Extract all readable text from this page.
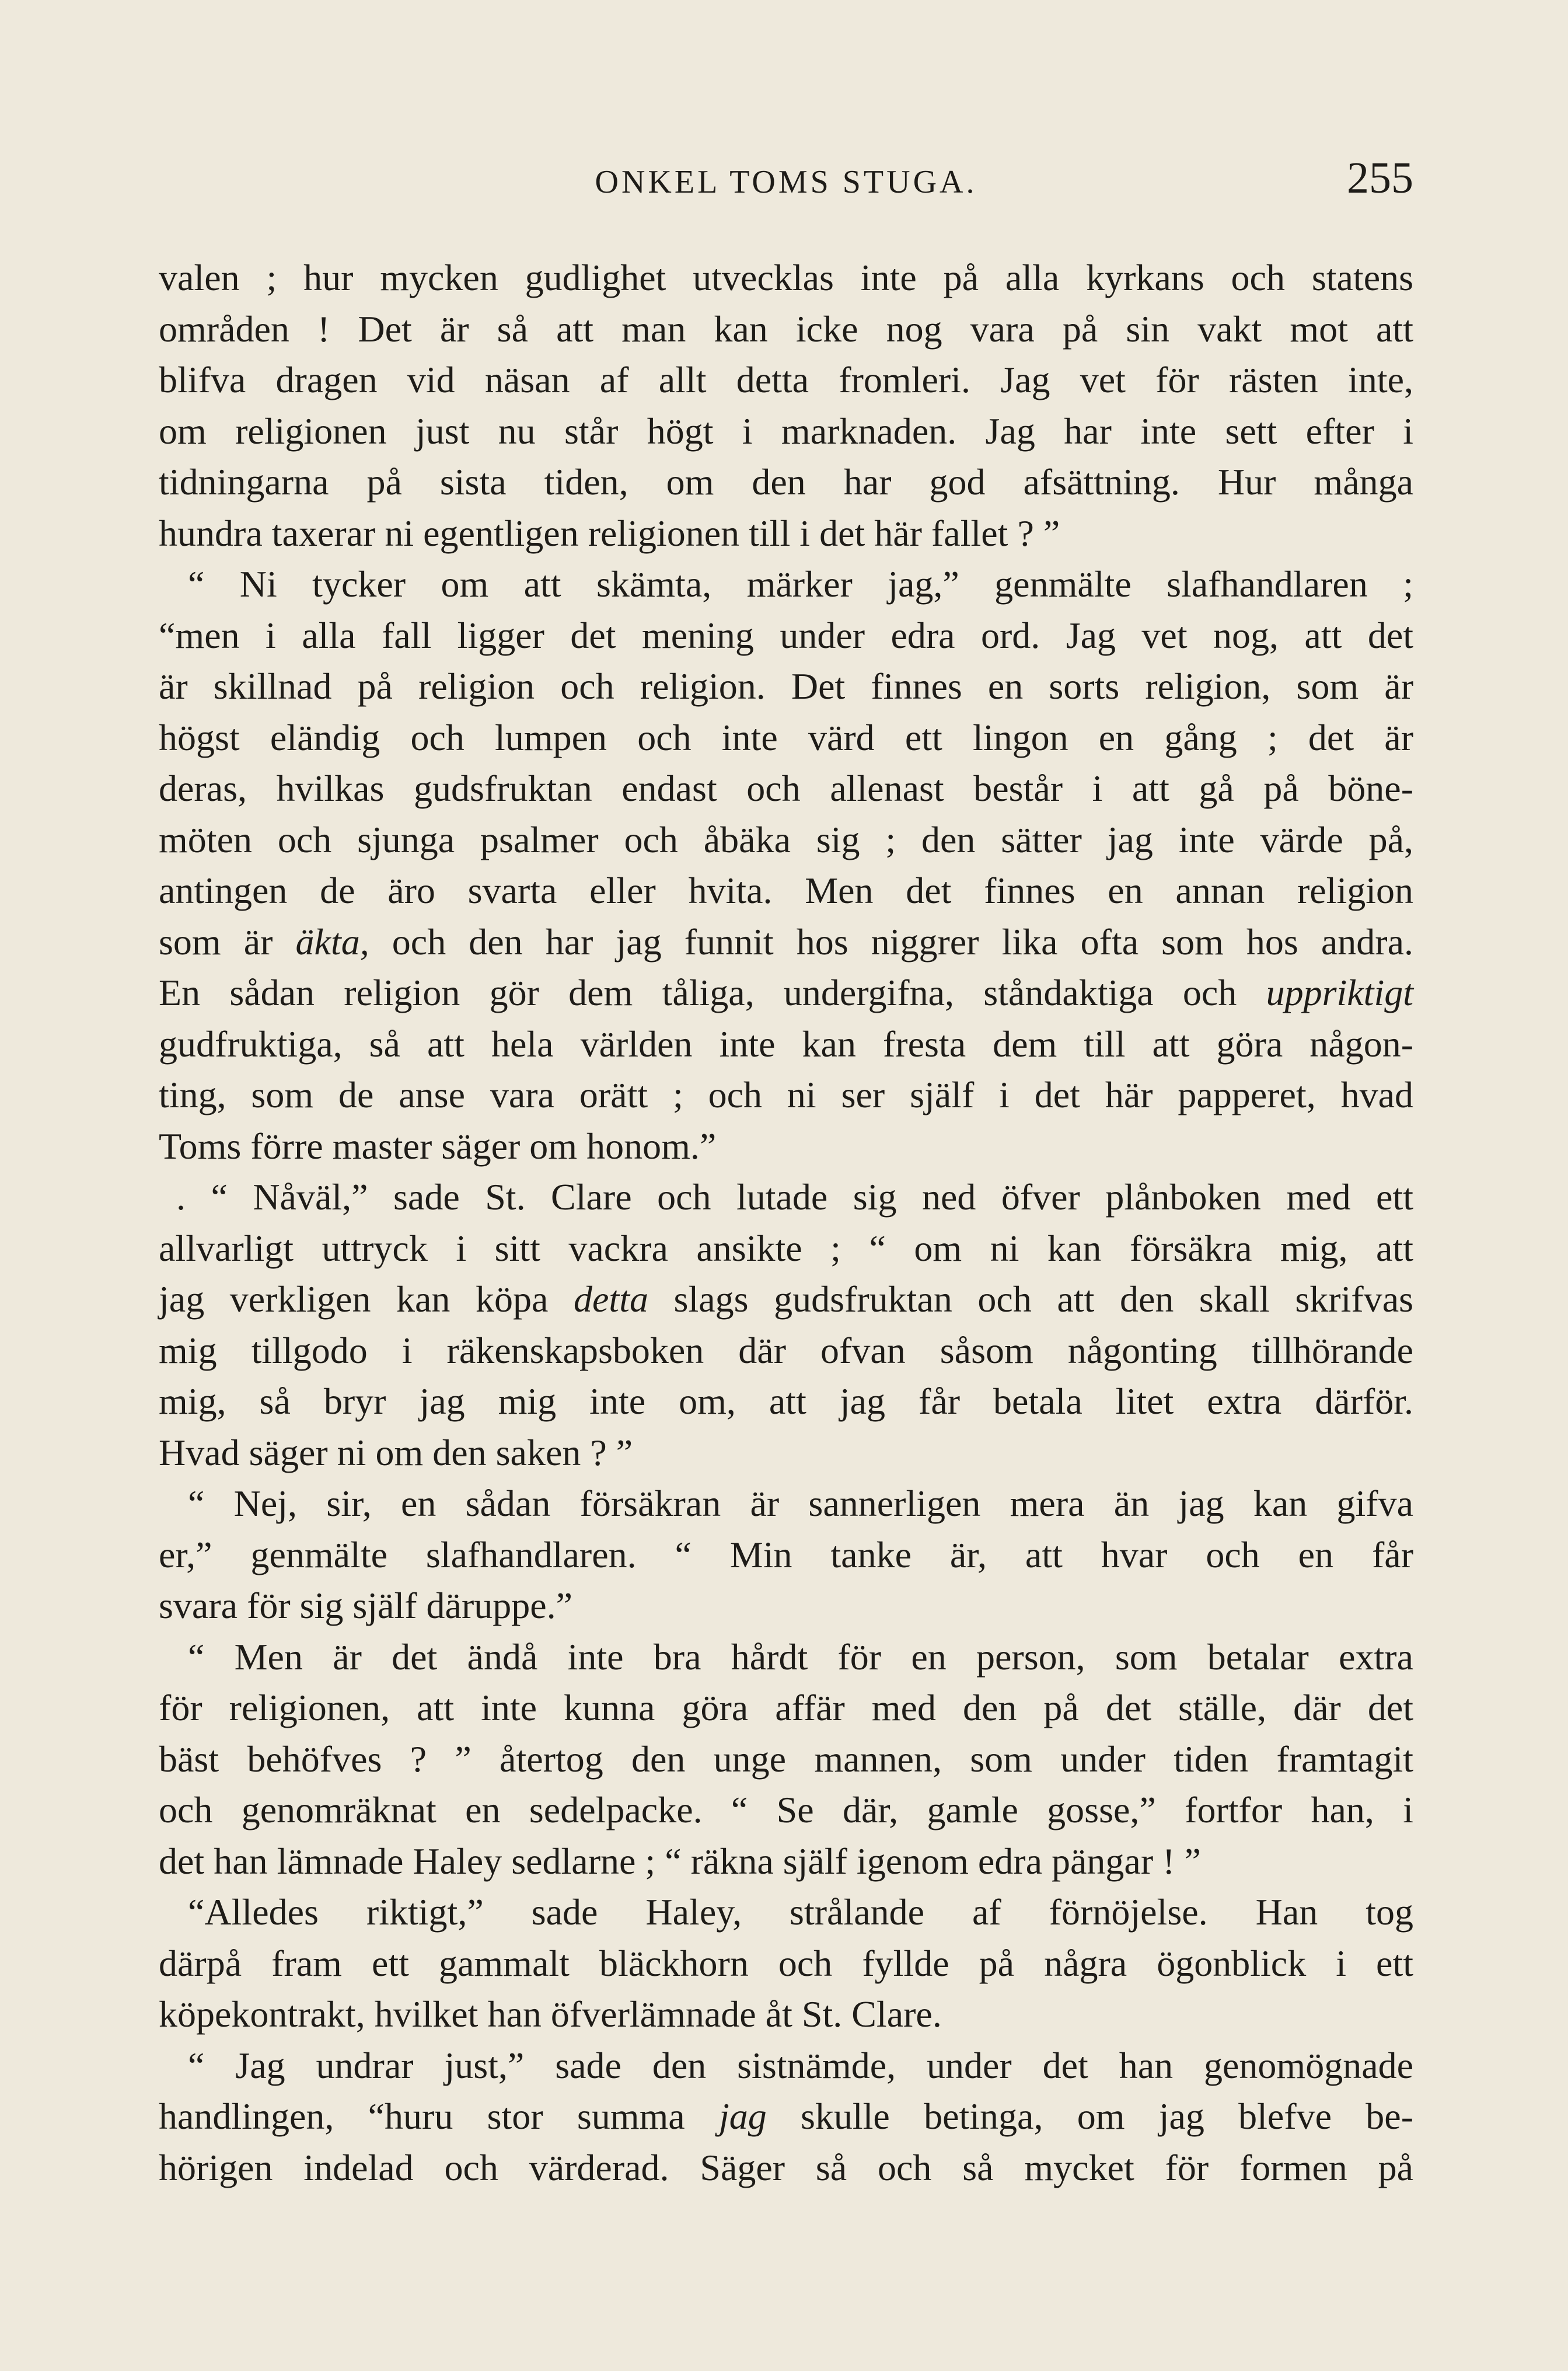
ONKEL TOMS STUGA.	255
valen ; hur mycken gudlighet utvecklas inte på alla kyrkans och statens
områden ! Det är så att man kan icke nog vara på sin vakt mot att
blifva dragen vid näsan af allt detta fromleri. Jag vet för rästen inte,
om religionen just nu står högt i marknaden. Jag har inte sett efter i
tidningarna på sista tiden, om den har god afsättning. Hur många
hundra taxerar ni egentligen religionen till i det här fallet ? ”
“ Ni tycker om att skämta, märker jag,” genmälte slafhandlaren ;
“men i alla fall ligger det mening under edra ord. Jag vet nog, att det
är skillnad på religion och religion. Det finnes en sorts religion, som är
högst eländig och lumpen och inte värd ett lingon en gång ; det är
deras, hvilkas gudsfruktan endast och allenast består i att gå på böne-
möten och sjunga psalmer och åbäka sig ; den sätter jag inte värde på,
antingen de äro svarta eller hvita. Men det finnes en annan religion
som är äkta, och den har jag funnit hos niggrer lika ofta som hos andra.
En sådan religion gör dem tåliga, undergifna, ståndaktiga och uppriktigt
gudfruktiga, så att hela världen inte kan fresta dem till att göra någon-
ting, som de anse vara orätt ; och ni ser själf i det här papperet, hvad
Toms förre master säger om honom.”
. “ Nåväl,” sade St. Clare och lutade sig ned öfver plånboken med ett
allvarligt uttryck i sitt vackra ansikte ; “ om ni kan försäkra mig, att
jag verkligen kan köpa detta slags gudsfruktan och att den skall skrifvas
mig tillgodo i räkenskapsboken där ofvan såsom någonting tillhörande
mig, så bryr jag mig inte om, att jag får betala litet extra därför.
Hvad säger ni om den saken ? ”
“ Nej, sir, en sådan försäkran är sannerligen mera än jag kan gifva
er,” genmälte slafhandlaren. “ Min tanke är, att hvar och en får
svara för sig själf däruppe.”
“ Men är det ändå inte bra hårdt för en person, som betalar extra
för religionen, att inte kunna göra affär med den på det ställe, där det
bäst behöfves ? ” återtog den unge mannen, som under tiden framtagit
och genomräknat en sedelpacke. “ Se där, gamle gosse,” fortfor han, i
det han lämnade Haley sedlarne ; “ räkna själf igenom edra pängar ! ”
“Alledes riktigt,” sade Haley, strålande af förnöjelse. Han tog
därpå fram ett gammalt bläckhorn och fyllde på några ögonblick i ett
köpekontrakt, hvilket han öfverlämnade åt St. Clare.
“ Jag undrar just,” sade den sistnämde, under det han genomögnade
handlingen, “huru stor summa jag skulle betinga, om jag blefve be-
hörigen indelad och värderad. Säger så och så mycket för formen på
